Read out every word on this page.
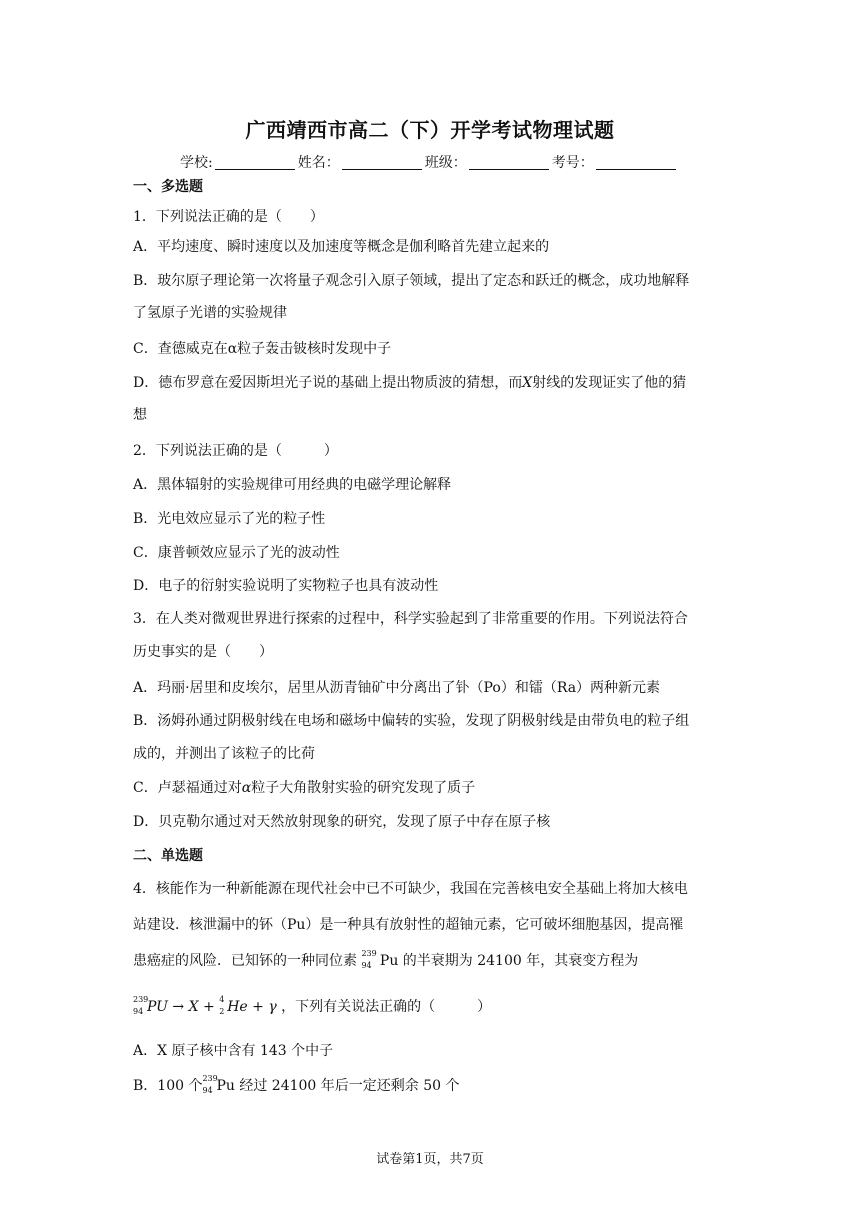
广西靖西市高二（下）开学考试物理试题
学校:	姓名：	班级：	考号：
一、多选题
1．下列说法正确的是（　　）
A．平均速度、瞬时速度以及加速度等概念是伽利略首先建立起来的
B．玻尔原子理论第一次将量子观念引入原子领域，提出了定态和跃迁的概念，成功地解释
了氢原子光谱的实验规律
C．查德威克在α粒子轰击铍核时发现中子
D．德布罗意在爱因斯坦光子说的基础上提出物质波的猜想，而X射线的发现证实了他的猜
想
2．下列说法正确的是（　　　）
A．黑体辐射的实验规律可用经典的电磁学理论解释
B．光电效应显示了光的粒子性
C．康普顿效应显示了光的波动性
D．电子的衍射实验说明了实物粒子也具有波动性
3．在人类对微观世界进行探索的过程中，科学实验起到了非常重要的作用。下列说法符合
历史事实的是（　　）
A．玛丽·居里和皮埃尔，居里从沥青铀矿中分离出了钋（Po）和镭（Ra）两种新元素
B．汤姆孙通过阴极射线在电场和磁场中偏转的实验，发现了阴极射线是由带负电的粒子组
成的，并测出了该粒子的比荷
C．卢瑟福通过对α粒子大角散射实验的研究发现了质子
D．贝克勒尔通过对天然放射现象的研究，发现了原子中存在原子核
二、单选题
4．核能作为一种新能源在现代社会中已不可缺少，我国在完善核电安全基础上将加大核电
站建设．核泄漏中的钚（Pu）是一种具有放射性的超铀元素，它可破坏细胞基因，提高罹
患癌症的风险．已知钚的一种同位素 239
94 Pu 的半衰期为 24100 年，其衰变方程为
239
94 PU → X + 4
2 He + γ ，下列有关说法正确的（　　　）
A．X 原子核中含有 143 个中子
B．100 个 239
94 Pu 经过 24100 年后一定还剩余 50 个
试卷第1页，共7页
